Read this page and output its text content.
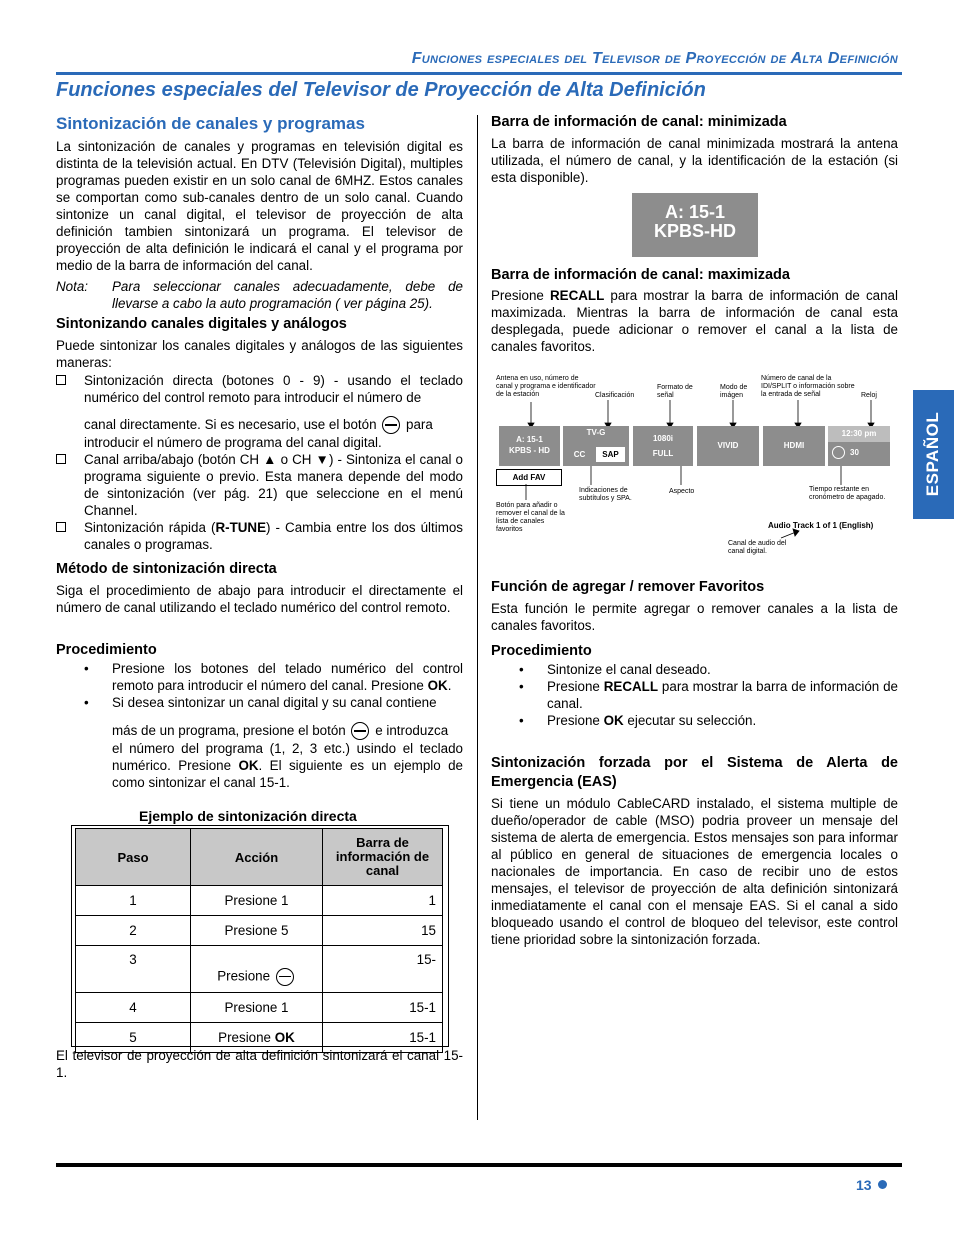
Funciones especiales del Televisor de Proyección de Alta Definición
Funciones especiales del Televisor de Proyección de Alta Definición
Sintonización de canales y programas
La sintonización de canales y programas en televisión digital es distinta de la televisión actual. En DTV (Televisión Digital), multiples programas pueden existir en un solo canal de 6MHZ. Estos canales se comportan como sub-canales dentro de un solo canal. Cuando sintonize un canal digital, el televisor de proyección de alta definición tambien sintonizará un programa. El televisor de proyección de alta definición le indicará el canal y el programa por medio de la barra de información del canal.
Nota: Para seleccionar canales adecuadamente, debe de llevarse a cabo la auto programación ( ver página 25).
Sintonizando canales digitales y análogos
Puede sintonizar los canales digitales y análogos de las siguientes maneras:
Sintonización directa (botones 0 - 9) - usando el teclado numérico del control remoto para introducir el número de
canal directamente. Si es necesario, use el botón para
introducir el número de programa del canal digital.
Canal arriba/abajo (botón CH ▲ o CH ▼) - Sintoniza el canal o programa siguiente o previo. Esta manera depende del modo de sintonización (ver pág. 21) que seleccione en el menú Channel.
Sintonización rápida (R-TUNE) - Cambia entre los dos últimos canales o programas.
Método de sintonización directa
Siga el procedimiento de abajo para introducir el directamente el número de canal utilizando el teclado numérico del control remoto.
Procedimiento
• Presione los botones del telado numérico del control remoto para introducir el número del canal. Presione OK.
• Si desea sintonizar un canal digital y su canal contiene
más de un programa, presione el botón e introduzca
el número del programa (1, 2, 3 etc.) usindo el teclado numérico. Presione OK. El siguiente es un ejemplo de como sintonizar el canal 15-1.
Ejemplo de sintonización directa
Paso	Acción	Barra de información de canal
1	Presione 1	1
2	Presione 5	15
3	Presione	15-
4	Presione 1	15-1
5	Presione OK	15-1
El televisor de proyección de alta definición sintonizará el canal 15-1.
Barra de información de canal: minimizada
La barra de información de canal minimizada mostrará la antena utilizada, el número de canal, y la identificación de la estación (si esta disponible).
A: 15-1
KPBS-HD
Barra de información de canal: maximizada
Presione RECALL para mostrar la barra de información de canal maximizada. Mientras la barra de información de canal esta desplegada, puede adicionar o remover el canal a la lista de canales favoritos.
Antena en uso, número de canal y programa e identificador de la estación	Clasificación
Formato de señal
Modo de imágen
Número de canal de la IDI/SPLIT o información sobre la entrada de señal	Reloj
A: 15-1
KPBS - HD
TV-G
CC	SAP
1080i
FULL
VIVID	HDMI
12:30 pm
30
Add FAV
Botón para añadir o remover el canal de la lista de canales favoritos
Indicaciones de subtítulos y SPA.
Aspecto	Tiempo restante en cronómetro de apagado.
Audio Track 1 of 1 (English)
Canal de audio del canal digital.
Función de agregar / remover Favoritos
Esta función le permite agregar o remover canales a la lista de canales favoritos.
Procedimiento
• Sintonize el canal deseado.
• Presione RECALL para mostrar la barra de información de canal.
• Presione OK ejecutar su selección.
Sintonización forzada por el Sistema de Alerta de Emergencia (EAS)
Si tiene un módulo CableCARD instalado, el sistema multiple de dueño/operador de cable (MSO) podria proveer un mensaje del sistema de alerta de emergencia. Estos mensajes son para informar al público en general de situaciones de emergencia locales o nacionales de importancia. En caso de recibir uno de estos mensajes, el televisor de proyección de alta definición sintonizará inmediatamente el canal con el mensaje EAS. Si el canal a sido bloqueado usando el control de bloqueo del televisor, este control tiene prioridad sobre la sintonización forzada.
ESPAÑOL
13
